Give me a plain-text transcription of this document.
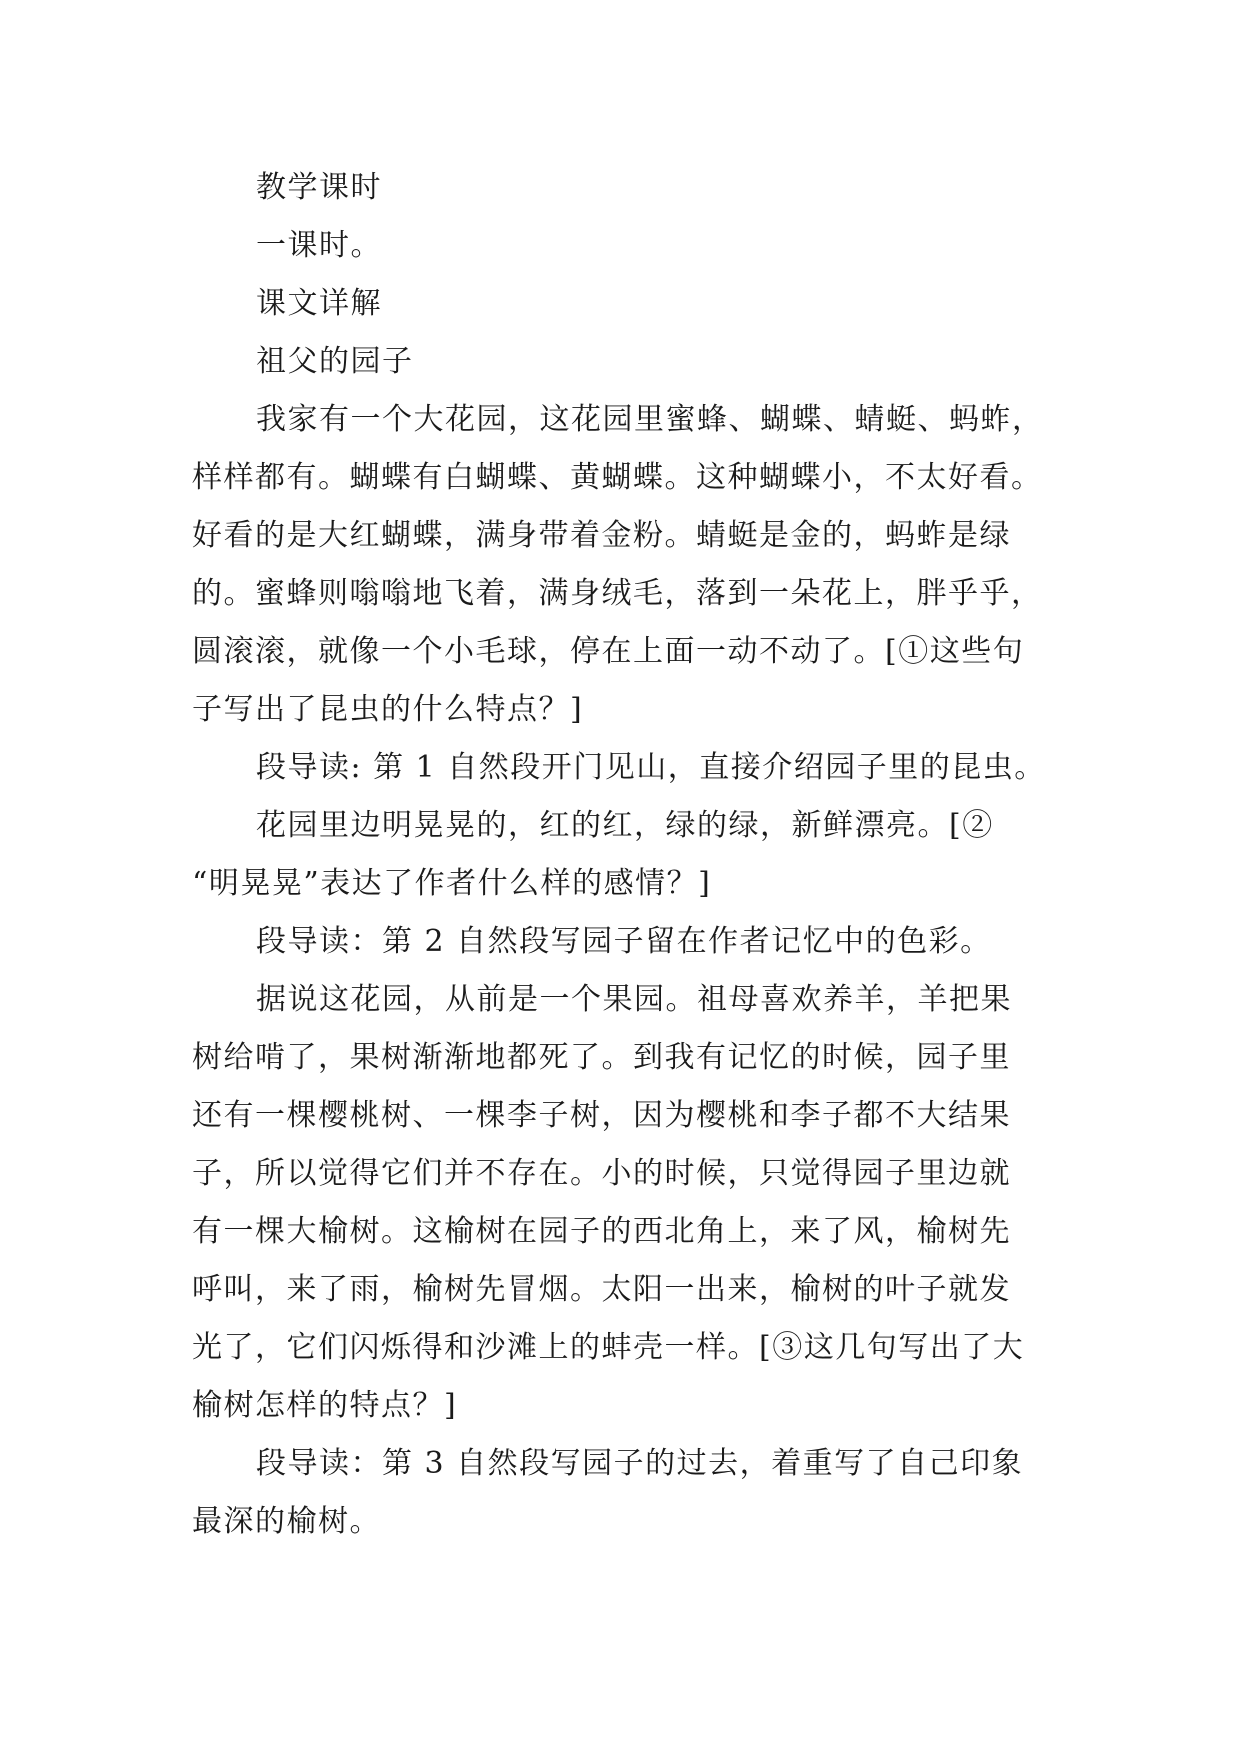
教学课时
一课时。
课文详解
祖父的园子
我家有一个大花园，这花园里蜜蜂、蝴蝶、蜻蜓、蚂蚱，
样样都有。蝴蝶有白蝴蝶、黄蝴蝶。这种蝴蝶小，不太好看。
好看的是大红蝴蝶，满身带着金粉。蜻蜓是金的，蚂蚱是绿
的。蜜蜂则嗡嗡地飞着，满身绒毛，落到一朵花上，胖乎乎，
圆滚滚，就像一个小毛球，停在上面一动不动了。[①这些句
子写出了昆虫的什么特点？]
段导读: 第 1 自然段开门见山，直接介绍园子里的昆虫。
花园里边明晃晃的，红的红，绿的绿，新鲜漂亮。[②
“明晃晃”表达了作者什么样的感情？]
段导读：第 2 自然段写园子留在作者记忆中的色彩。
据说这花园，从前是一个果园。祖母喜欢养羊，羊把果
树给啃了，果树渐渐地都死了。到我有记忆的时候，园子里
还有一棵樱桃树、一棵李子树，因为樱桃和李子都不大结果
子，所以觉得它们并不存在。小的时候，只觉得园子里边就
有一棵大榆树。这榆树在园子的西北角上，来了风，榆树先
呼叫，来了雨，榆树先冒烟。太阳一出来，榆树的叶子就发
光了，它们闪烁得和沙滩上的蚌壳一样。[③这几句写出了大
榆树怎样的特点？]
段导读：第 3 自然段写园子的过去，着重写了自己印象
最深的榆树。
